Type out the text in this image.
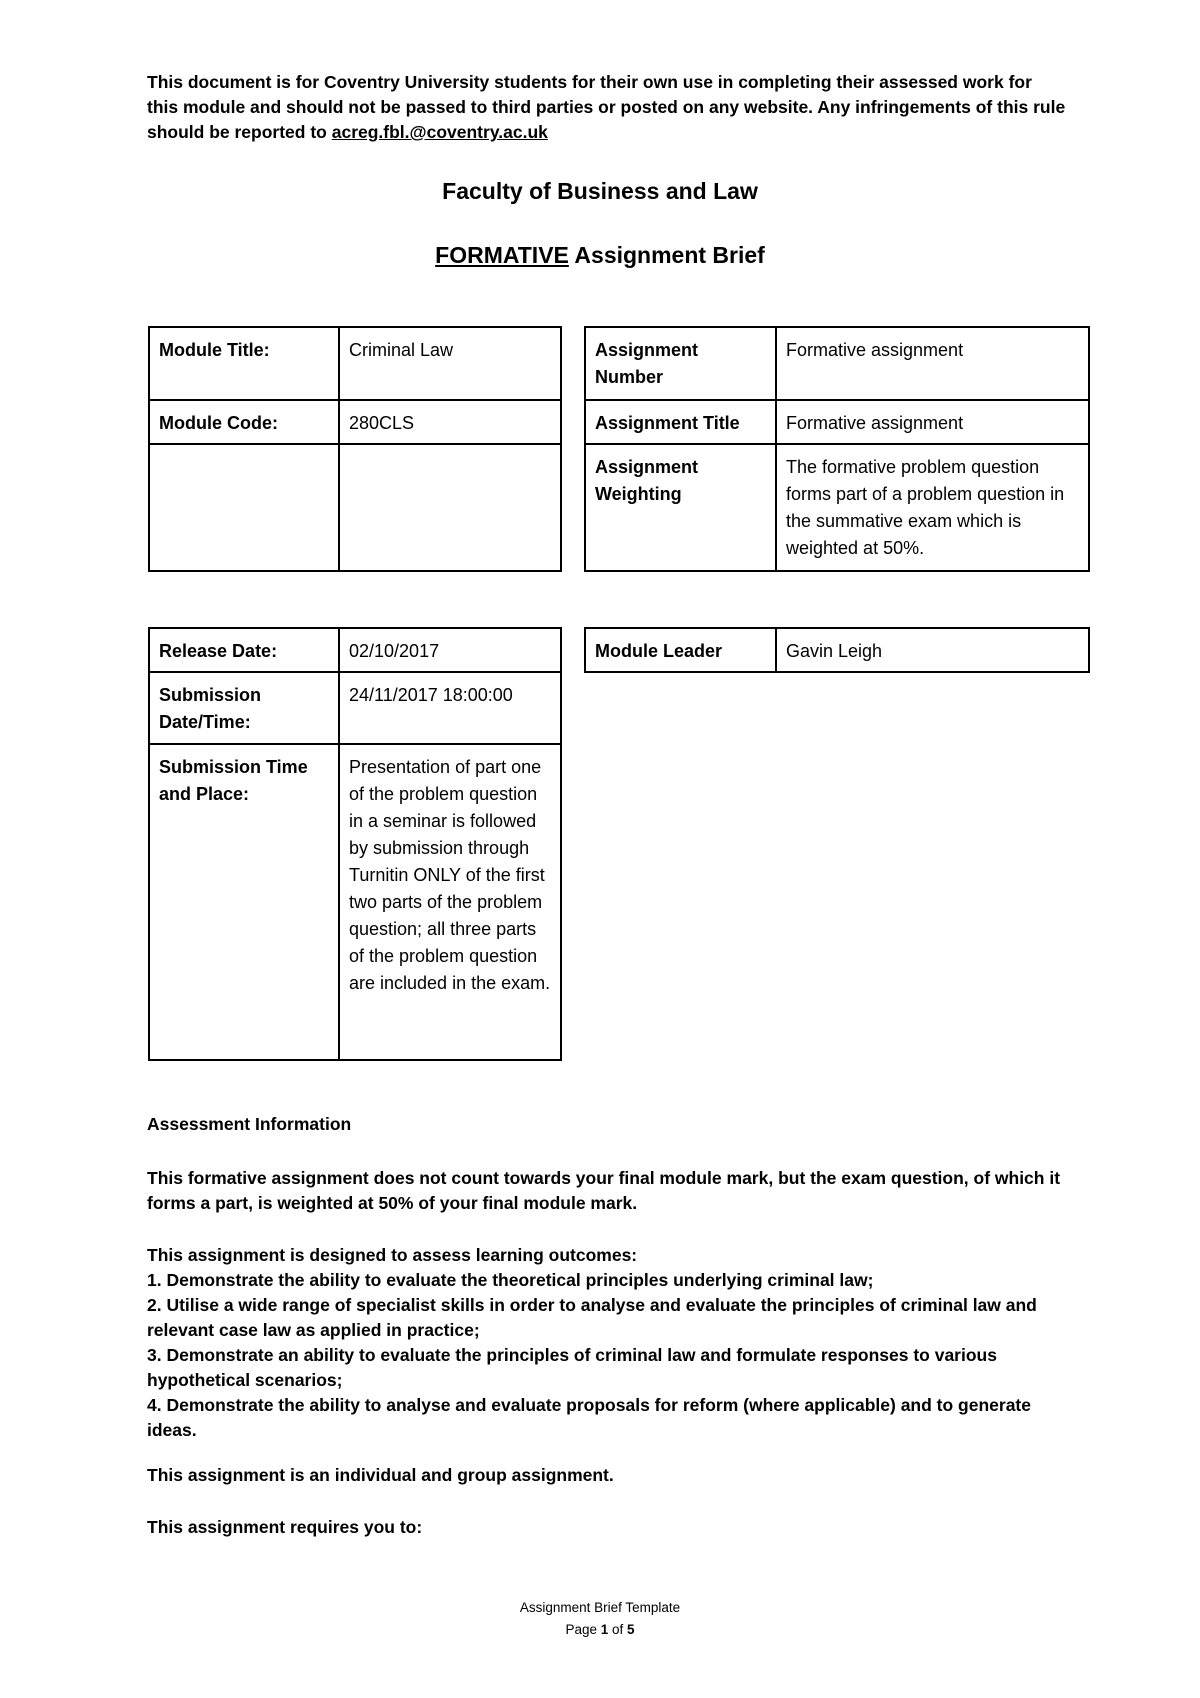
This document is for Coventry University students for their own use in completing their assessed work for this module and should not be passed to third parties or posted on any website. Any infringements of this rule should be reported to acreg.fbl.@coventry.ac.uk

Faculty of Business and Law
FORMATIVE Assignment Brief
Module Title:	Criminal Law
Module Code:	280CLS

Assignment Number	Formative assignment
Assignment Title	Formative assignment
Assignment Weighting	The formative problem question forms part of a problem question in the summative exam which is weighted at 50%.
Release Date:	02/10/2017
Submission Date/Time:	24/11/2017 18:00:00
Submission Time and Place:	Presentation of part one of the problem question in a seminar is followed by submission through Turnitin ONLY of the first two parts of the problem question; all three parts of the problem question are included in the exam.
Module Leader	Gavin Leigh

Assessment Information

This formative assignment does not count towards your final module mark, but the exam question, of which it forms a part, is weighted at 50% of your final module mark.

This assignment is designed to assess learning outcomes:
1. Demonstrate the ability to evaluate the theoretical principles underlying criminal law;
2. Utilise a wide range of specialist skills in order to analyse and evaluate the principles of criminal law and relevant case law as applied in practice;
3. Demonstrate an ability to evaluate the principles of criminal law and formulate responses to various hypothetical scenarios;
4. Demonstrate the ability to analyse and evaluate proposals for reform (where applicable) and to generate ideas.

This assignment is an individual and group assignment.

This assignment requires you to:

Assignment Brief Template
Page 1 of 5
